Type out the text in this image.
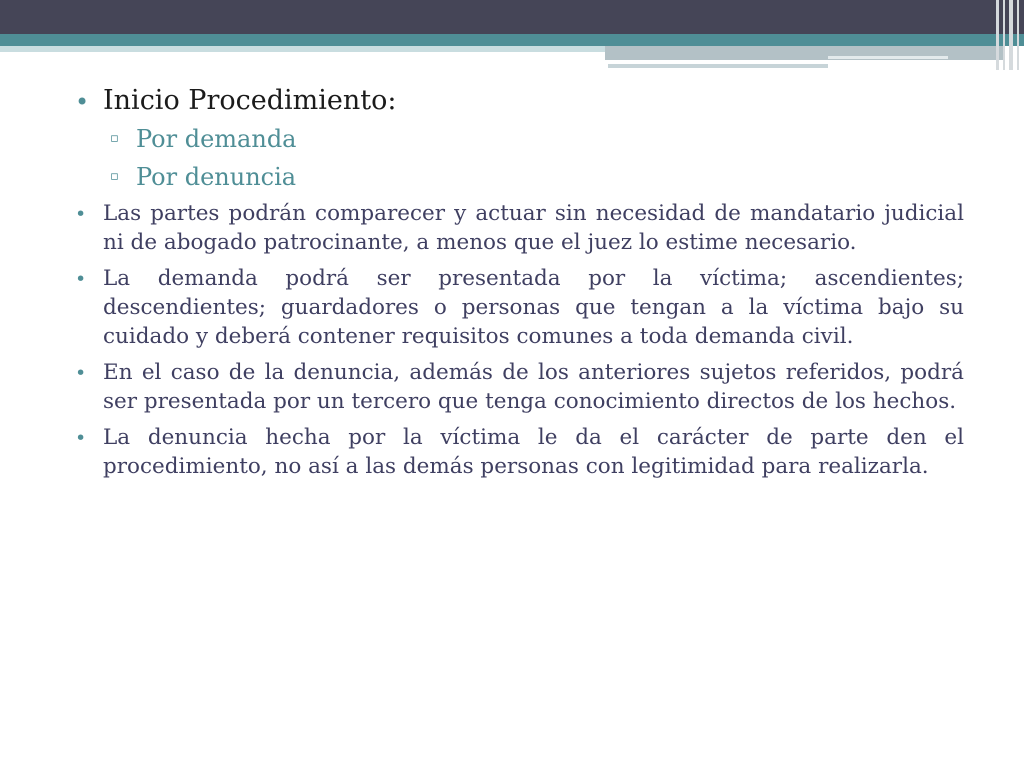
• Inicio Procedimiento:
▫ Por demanda
▫ Por denuncia
• Las partes podrán comparecer y actuar sin necesidad de mandatario judicial ni de abogado patrocinante, a menos que el juez lo estime necesario.
• La demanda podrá ser presentada por la víctima; ascendientes; descendientes; guardadores o personas que tengan a la víctima bajo su cuidado y deberá contener requisitos comunes a toda demanda civil.
• En el caso de la denuncia, además de los anteriores sujetos referidos, podrá ser presentada por un tercero que tenga conocimiento directos de los hechos.
• La denuncia hecha por la víctima le da el carácter de parte den el procedimiento, no así a las demás personas con legitimidad para realizarla.
